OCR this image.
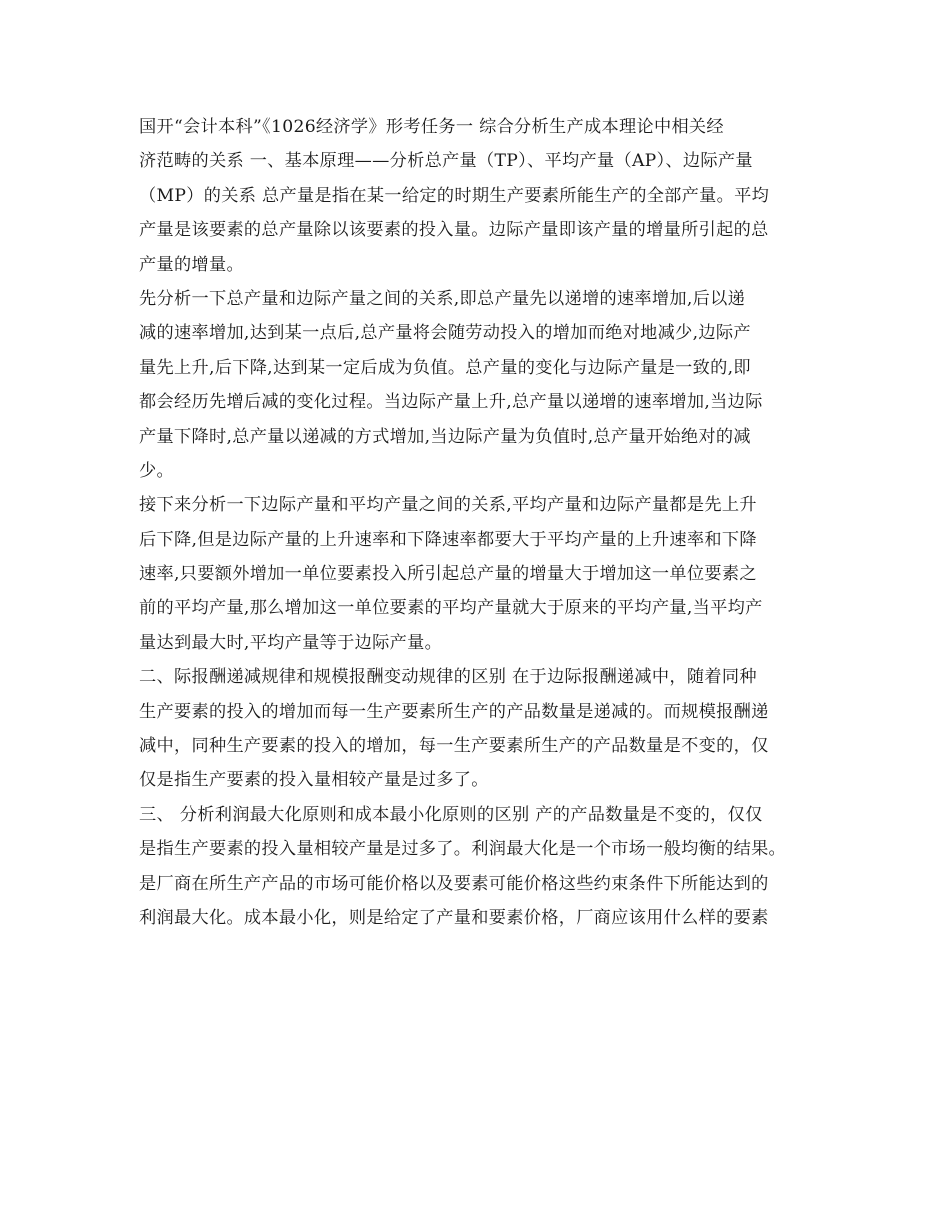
国开“会计本科”《1026经济学》形考任务一 综合分析生产成本理论中相关经
济范畴的关系 一、基本原理——分析总产量（TP）、平均产量（AP）、边际产量
（MP）的关系 总产量是指在某一给定的时期生产要素所能生产的全部产量。平均
产量是该要素的总产量除以该要素的投入量。边际产量即该产量的增量所引起的总
产量的增量。
先分析一下总产量和边际产量之间的关系,即总产量先以递增的速率增加,后以递
减的速率增加,达到某一点后,总产量将会随劳动投入的增加而绝对地减少,边际产
量先上升,后下降,达到某一定后成为负值。总产量的变化与边际产量是一致的,即
都会经历先增后减的变化过程。当边际产量上升,总产量以递增的速率增加,当边际
产量下降时,总产量以递减的方式增加,当边际产量为负值时,总产量开始绝对的减
少。
接下来分析一下边际产量和平均产量之间的关系,平均产量和边际产量都是先上升
后下降,但是边际产量的上升速率和下降速率都要大于平均产量的上升速率和下降
速率,只要额外增加一单位要素投入所引起总产量的增量大于增加这一单位要素之
前的平均产量,那么增加这一单位要素的平均产量就大于原来的平均产量,当平均产
量达到最大时,平均产量等于边际产量。
二、际报酬递减规律和规模报酬变动规律的区别 在于边际报酬递减中，随着同种
生产要素的投入的增加而每一生产要素所生产的产品数量是递减的。而规模报酬递
减中，同种生产要素的投入的增加，每一生产要素所生产的产品数量是不变的，仅
仅是指生产要素的投入量相较产量是过多了。
三、 分析利润最大化原则和成本最小化原则的区别 产的产品数量是不变的，仅仅
是指生产要素的投入量相较产量是过多了。利润最大化是一个市场一般均衡的结果。
是厂商在所生产产品的市场可能价格以及要素可能价格这些约束条件下所能达到的
利润最大化。成本最小化，则是给定了产量和要素价格，厂商应该用什么样的要素
